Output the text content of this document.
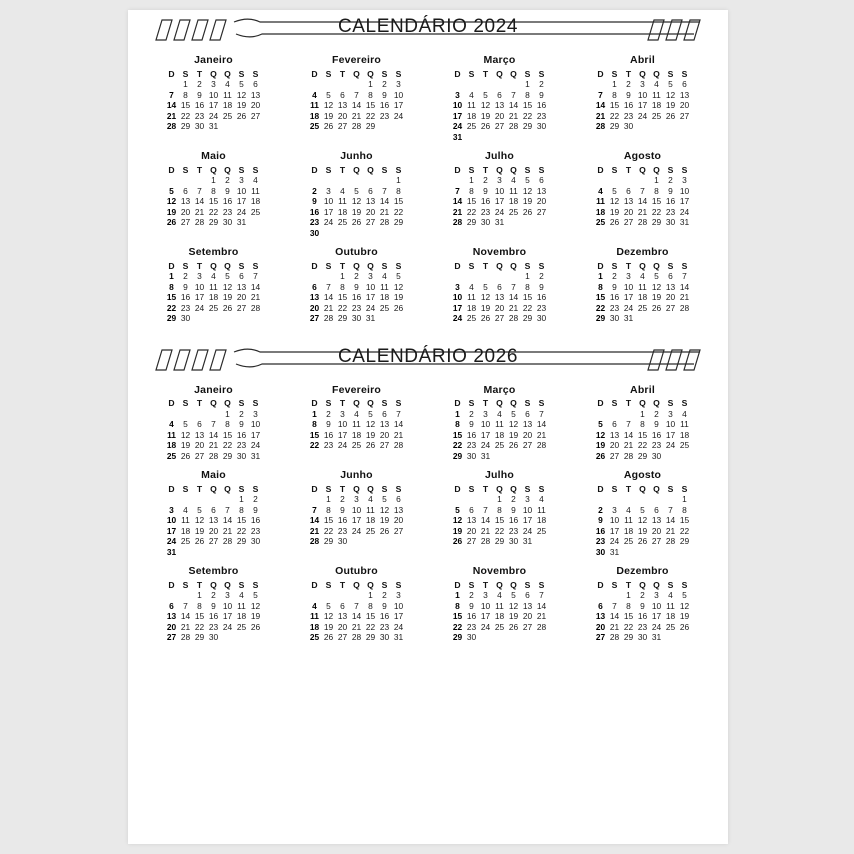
CALENDÁRIO 2024
Janeiro
D	S	T	Q	Q	S	S
	1	2	3	4	5	6
7	8	9	10	11	12	13
14	15	16	17	18	19	20
21	22	23	24	25	26	27
28	29	30	31			
Fevereiro
D	S	T	Q	Q	S	S
				1	2	3
4	5	6	7	8	9	10
11	12	13	14	15	16	17
18	19	20	21	22	23	24
25	26	27	28	29		
Março
D	S	T	Q	Q	S	S
					1	2
3	4	5	6	7	8	9
10	11	12	13	14	15	16
17	18	19	20	21	22	23
24	25	26	27	28	29	30
31						
Abril
D	S	T	Q	Q	S	S
	1	2	3	4	5	6
7	8	9	10	11	12	13
14	15	16	17	18	19	20
21	22	23	24	25	26	27
28	29	30				
Maio
D	S	T	Q	Q	S	S
			1	2	3	4
5	6	7	8	9	10	11
12	13	14	15	16	17	18
19	20	21	22	23	24	25
26	27	28	29	30	31	
Junho
D	S	T	Q	Q	S	S
						1
2	3	4	5	6	7	8
9	10	11	12	13	14	15
16	17	18	19	20	21	22
23	24	25	26	27	28	29
30						
Julho
D	S	T	Q	Q	S	S
	1	2	3	4	5	6
7	8	9	10	11	12	13
14	15	16	17	18	19	20
21	22	23	24	25	26	27
28	29	30	31			
Agosto
D	S	T	Q	Q	S	S
				1	2	3
4	5	6	7	8	9	10
11	12	13	14	15	16	17
18	19	20	21	22	23	24
25	26	27	28	29	30	31
Setembro
D	S	T	Q	Q	S	S
1	2	3	4	5	6	7
8	9	10	11	12	13	14
15	16	17	18	19	20	21
22	23	24	25	26	27	28
29	30					
Outubro
D	S	T	Q	Q	S	S
		1	2	3	4	5
6	7	8	9	10	11	12
13	14	15	16	17	18	19
20	21	22	23	24	25	26
27	28	29	30	31		
Novembro
D	S	T	Q	Q	S	S
					1	2
3	4	5	6	7	8	9
10	11	12	13	14	15	16
17	18	19	20	21	22	23
24	25	26	27	28	29	30
Dezembro
D	S	T	Q	Q	S	S
1	2	3	4	5	6	7
8	9	10	11	12	13	14
15	16	17	18	19	20	21
22	23	24	25	26	27	28
29	30	31				
CALENDÁRIO 2026
Janeiro
D	S	T	Q	Q	S	S
				1	2	3
4	5	6	7	8	9	10
11	12	13	14	15	16	17
18	19	20	21	22	23	24
25	26	27	28	29	30	31
Fevereiro
D	S	T	Q	Q	S	S
1	2	3	4	5	6	7
8	9	10	11	12	13	14
15	16	17	18	19	20	21
22	23	24	25	26	27	28
Março
D	S	T	Q	Q	S	S
1	2	3	4	5	6	7
8	9	10	11	12	13	14
15	16	17	18	19	20	21
22	23	24	25	26	27	28
29	30	31				
Abril
D	S	T	Q	Q	S	S
			1	2	3	4
5	6	7	8	9	10	11
12	13	14	15	16	17	18
19	20	21	22	23	24	25
26	27	28	29	30		
Maio
D	S	T	Q	Q	S	S
					1	2
3	4	5	6	7	8	9
10	11	12	13	14	15	16
17	18	19	20	21	22	23
24	25	26	27	28	29	30
31						
Junho
D	S	T	Q	Q	S	S
	1	2	3	4	5	6
7	8	9	10	11	12	13
14	15	16	17	18	19	20
21	22	23	24	25	26	27
28	29	30				
Julho
D	S	T	Q	Q	S	S
			1	2	3	4
5	6	7	8	9	10	11
12	13	14	15	16	17	18
19	20	21	22	23	24	25
26	27	28	29	30	31	
Agosto
D	S	T	Q	Q	S	S
						1
2	3	4	5	6	7	8
9	10	11	12	13	14	15
16	17	18	19	20	21	22
23	24	25	26	27	28	29
30	31					
Setembro
D	S	T	Q	Q	S	S
		1	2	3	4	5
6	7	8	9	10	11	12
13	14	15	16	17	18	19
20	21	22	23	24	25	26
27	28	29	30			
Outubro
D	S	T	Q	Q	S	S
				1	2	3
4	5	6	7	8	9	10
11	12	13	14	15	16	17
18	19	20	21	22	23	24
25	26	27	28	29	30	31
Novembro
D	S	T	Q	Q	S	S
1	2	3	4	5	6	7
8	9	10	11	12	13	14
15	16	17	18	19	20	21
22	23	24	25	26	27	28
29	30					
Dezembro
D	S	T	Q	Q	S	S
		1	2	3	4	5
6	7	8	9	10	11	12
13	14	15	16	17	18	19
20	21	22	23	24	25	26
27	28	29	30	31		
